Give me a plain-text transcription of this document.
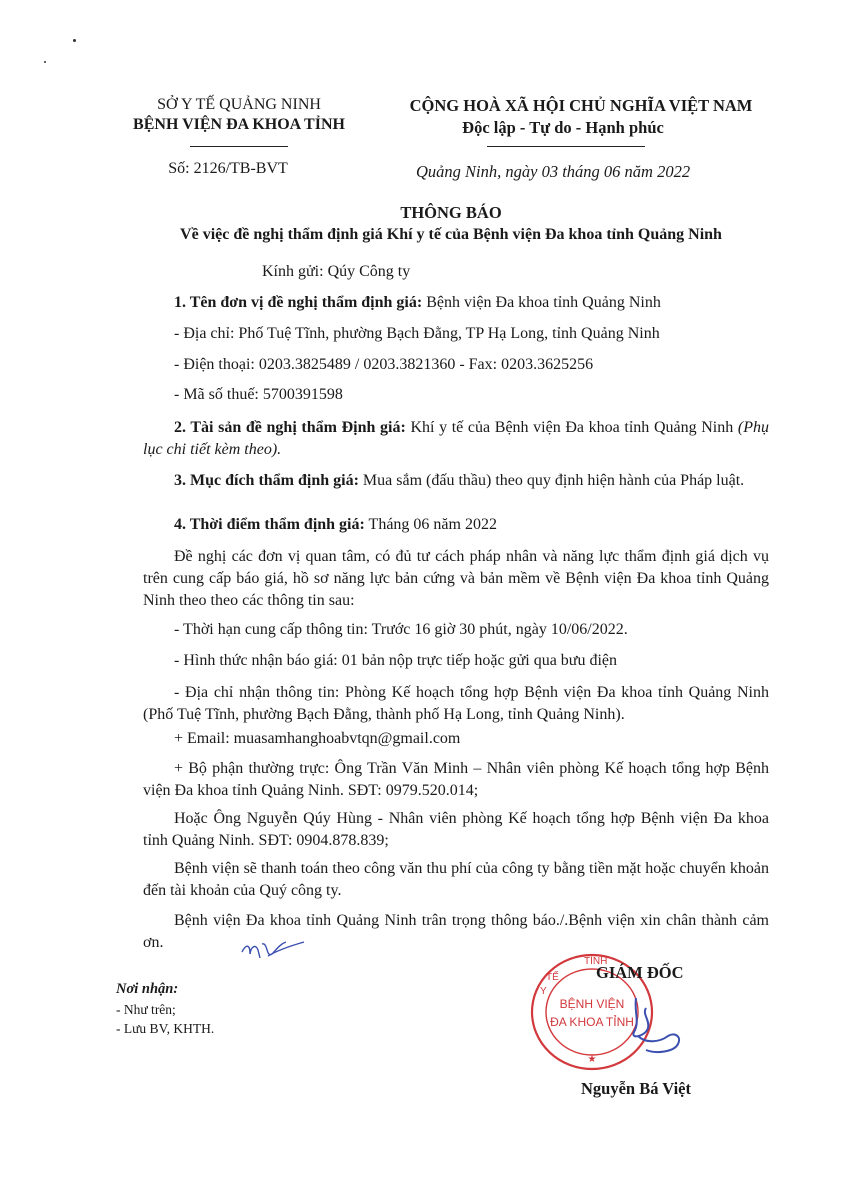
SỞ Y TẾ QUẢNG NINH
BỆNH VIỆN ĐA KHOA TỈNH
Số: 2126/TB-BVT
CỘNG HOÀ XÃ HỘI CHỦ NGHĨA VIỆT NAM
Độc lập - Tự do - Hạnh phúc
Quảng Ninh, ngày 03 tháng 06 năm 2022
THÔNG BÁO
Về việc đề nghị thẩm định giá Khí y tế của Bệnh viện Đa khoa tỉnh Quảng Ninh
Kính gửi: Qúy Công ty
1. Tên đơn vị đề nghị thẩm định giá: Bệnh viện Đa khoa tỉnh Quảng Ninh
- Địa chỉ: Phố Tuệ Tĩnh, phường Bạch Đằng, TP Hạ Long, tỉnh Quảng Ninh
- Điện thoại: 0203.3825489 / 0203.3821360 - Fax: 0203.3625256
- Mã số thuế: 5700391598
2. Tài sản đề nghị thẩm Định giá: Khí y tế của Bệnh viện Đa khoa tỉnh Quảng Ninh (Phụ lục chi tiết kèm theo).
3. Mục đích thẩm định giá: Mua sắm (đấu thầu) theo quy định hiện hành của Pháp luật.
4. Thời điểm thẩm định giá: Tháng 06 năm 2022
Đề nghị các đơn vị quan tâm, có đủ tư cách pháp nhân và năng lực thẩm định giá dịch vụ trên cung cấp báo giá, hồ sơ năng lực bản cứng và bản mềm về Bệnh viện Đa khoa tỉnh Quảng Ninh theo theo các thông tin sau:
- Thời hạn cung cấp thông tin: Trước 16 giờ 30 phút, ngày 10/06/2022.
- Hình thức nhận báo giá: 01 bản nộp trực tiếp hoặc gửi qua bưu điện
- Địa chỉ nhận thông tin: Phòng Kế hoạch tổng hợp Bệnh viện Đa khoa tỉnh Quảng Ninh (Phố Tuệ Tĩnh, phường Bạch Đằng, thành phố Hạ Long, tỉnh Quảng Ninh).
+ Email: muasamhanghoabvtqn@gmail.com
+ Bộ phận thường trực: Ông Trần Văn Minh – Nhân viên phòng Kế hoạch tổng hợp Bệnh viện Đa khoa tỉnh Quảng Ninh. SĐT: 0979.520.014;
Hoặc Ông Nguyễn Qúy Hùng - Nhân viên phòng Kế hoạch tổng hợp Bệnh viện Đa khoa tỉnh Quảng Ninh. SĐT: 0904.878.839;
Bệnh viện sẽ thanh toán theo công văn thu phí của công ty bằng tiền mặt hoặc chuyển khoản đến tài khoản của Quý công ty.
Bệnh viện Đa khoa tỉnh Quảng Ninh trân trọng thông báo./.Bệnh viện xin chân thành cảm ơn.
Nơi nhận:
- Như trên;
- Lưu BV, KHTH.
TỈNH
Y
TẾ
BỆNH VIỆN
ĐA KHOA TỈNH
★
GIÁM ĐỐC
Nguyễn Bá Việt
